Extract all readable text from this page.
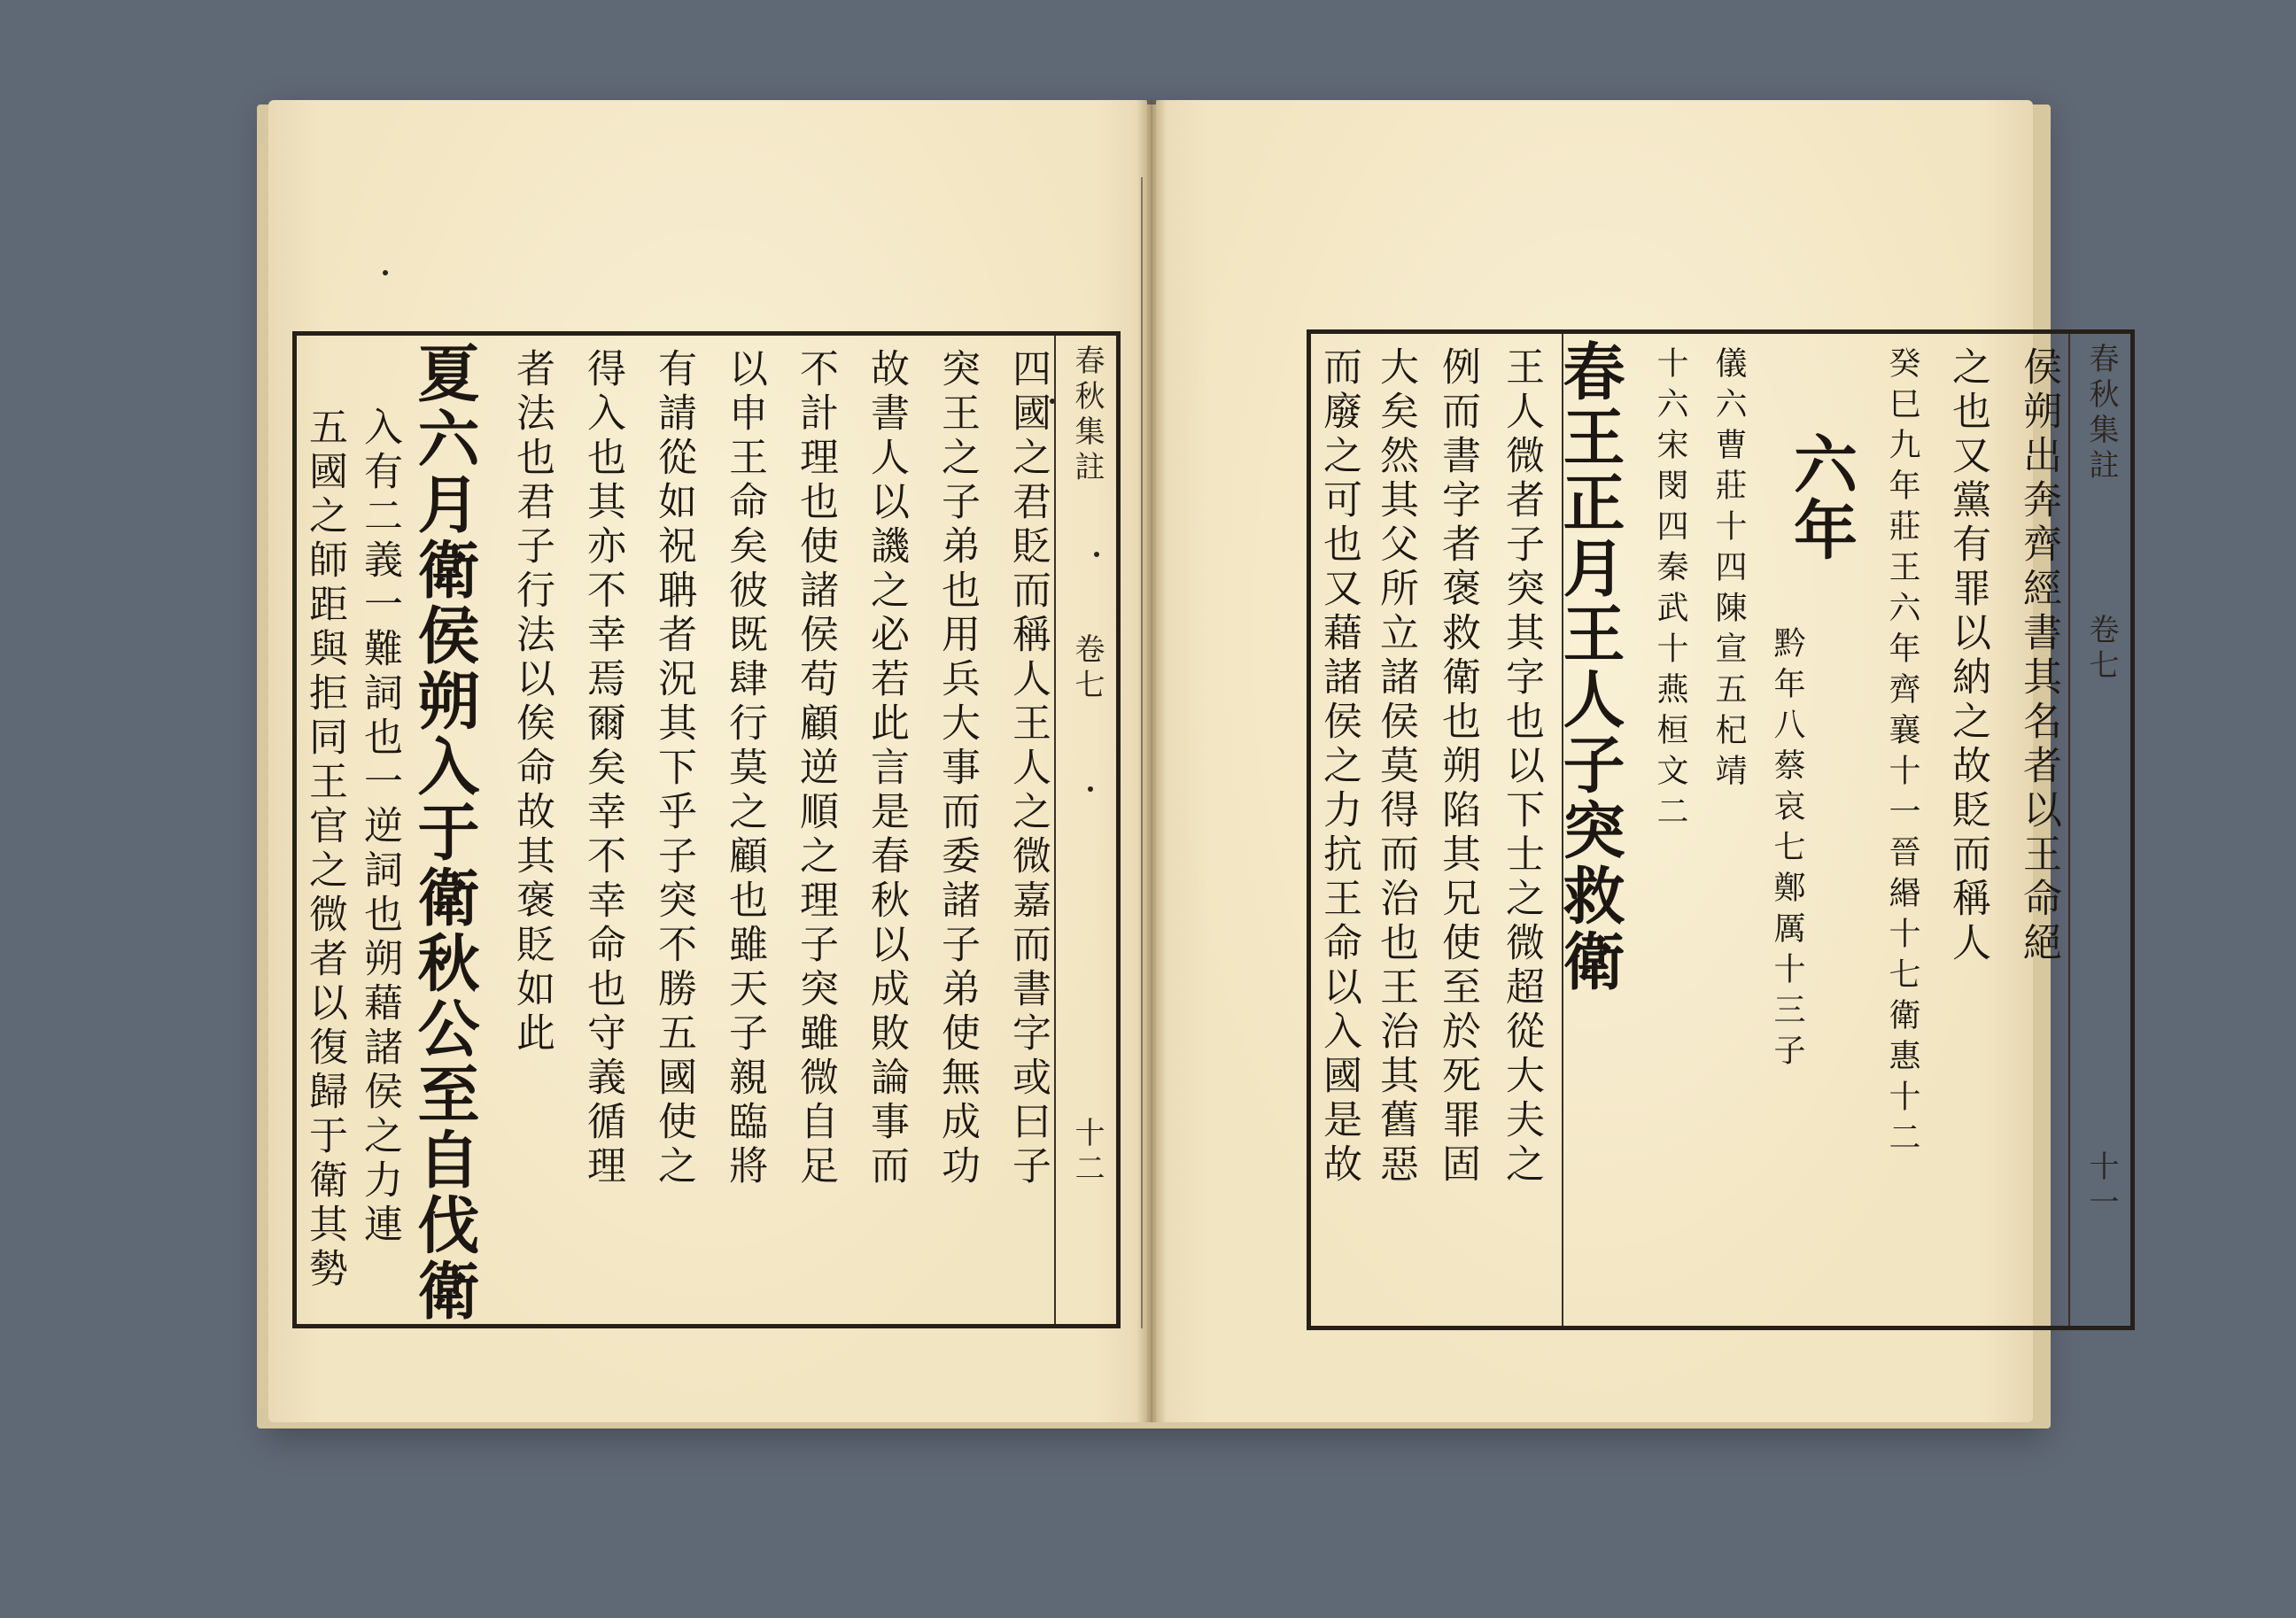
春秋集註 卷七 十二
四國之君貶而稱人王人之微嘉而書字或曰子
突王之子弟也用兵大事而委諸子弟使無成功
故書人以譏之必若此言是春秋以成敗論事而
不計理也使諸侯苟顧逆順之理子突雖微自足
以申王命矣彼既肆行莫之顧也雖天子親臨將
有請從如祝聃者況其下乎子突不勝五國使之
得入也其亦不幸焉爾矣幸不幸命也守義循理
者法也君子行法以俟命故其褒貶如此
夏六月衛侯朔入于衛秋公至自伐衛
入有二義一難詞也一逆詞也朔藉諸侯之力連
五國之師距與拒同王官之微者以復歸于衛其勢	春秋集註 卷七 十一
侯朔出奔齊經書其名者以王命絕
之也又黨有罪以納之故貶而稱人
癸巳九年莊王六年齊襄十一晉緡十七衛惠十二
六年
黔年八蔡哀七鄭厲十三子
儀六曹莊十四陳宣五杞靖
十六宋閔四秦武十燕桓文二
春王正月王人子突救衛
王人微者子突其字也以下士之微超從大夫之
例而書字者褒救衛也朔陷其兄使至於死罪固
大矣然其父所立諸侯莫得而治也王治其舊惡
而廢之可也又藉諸侯之力抗王命以入國是故
